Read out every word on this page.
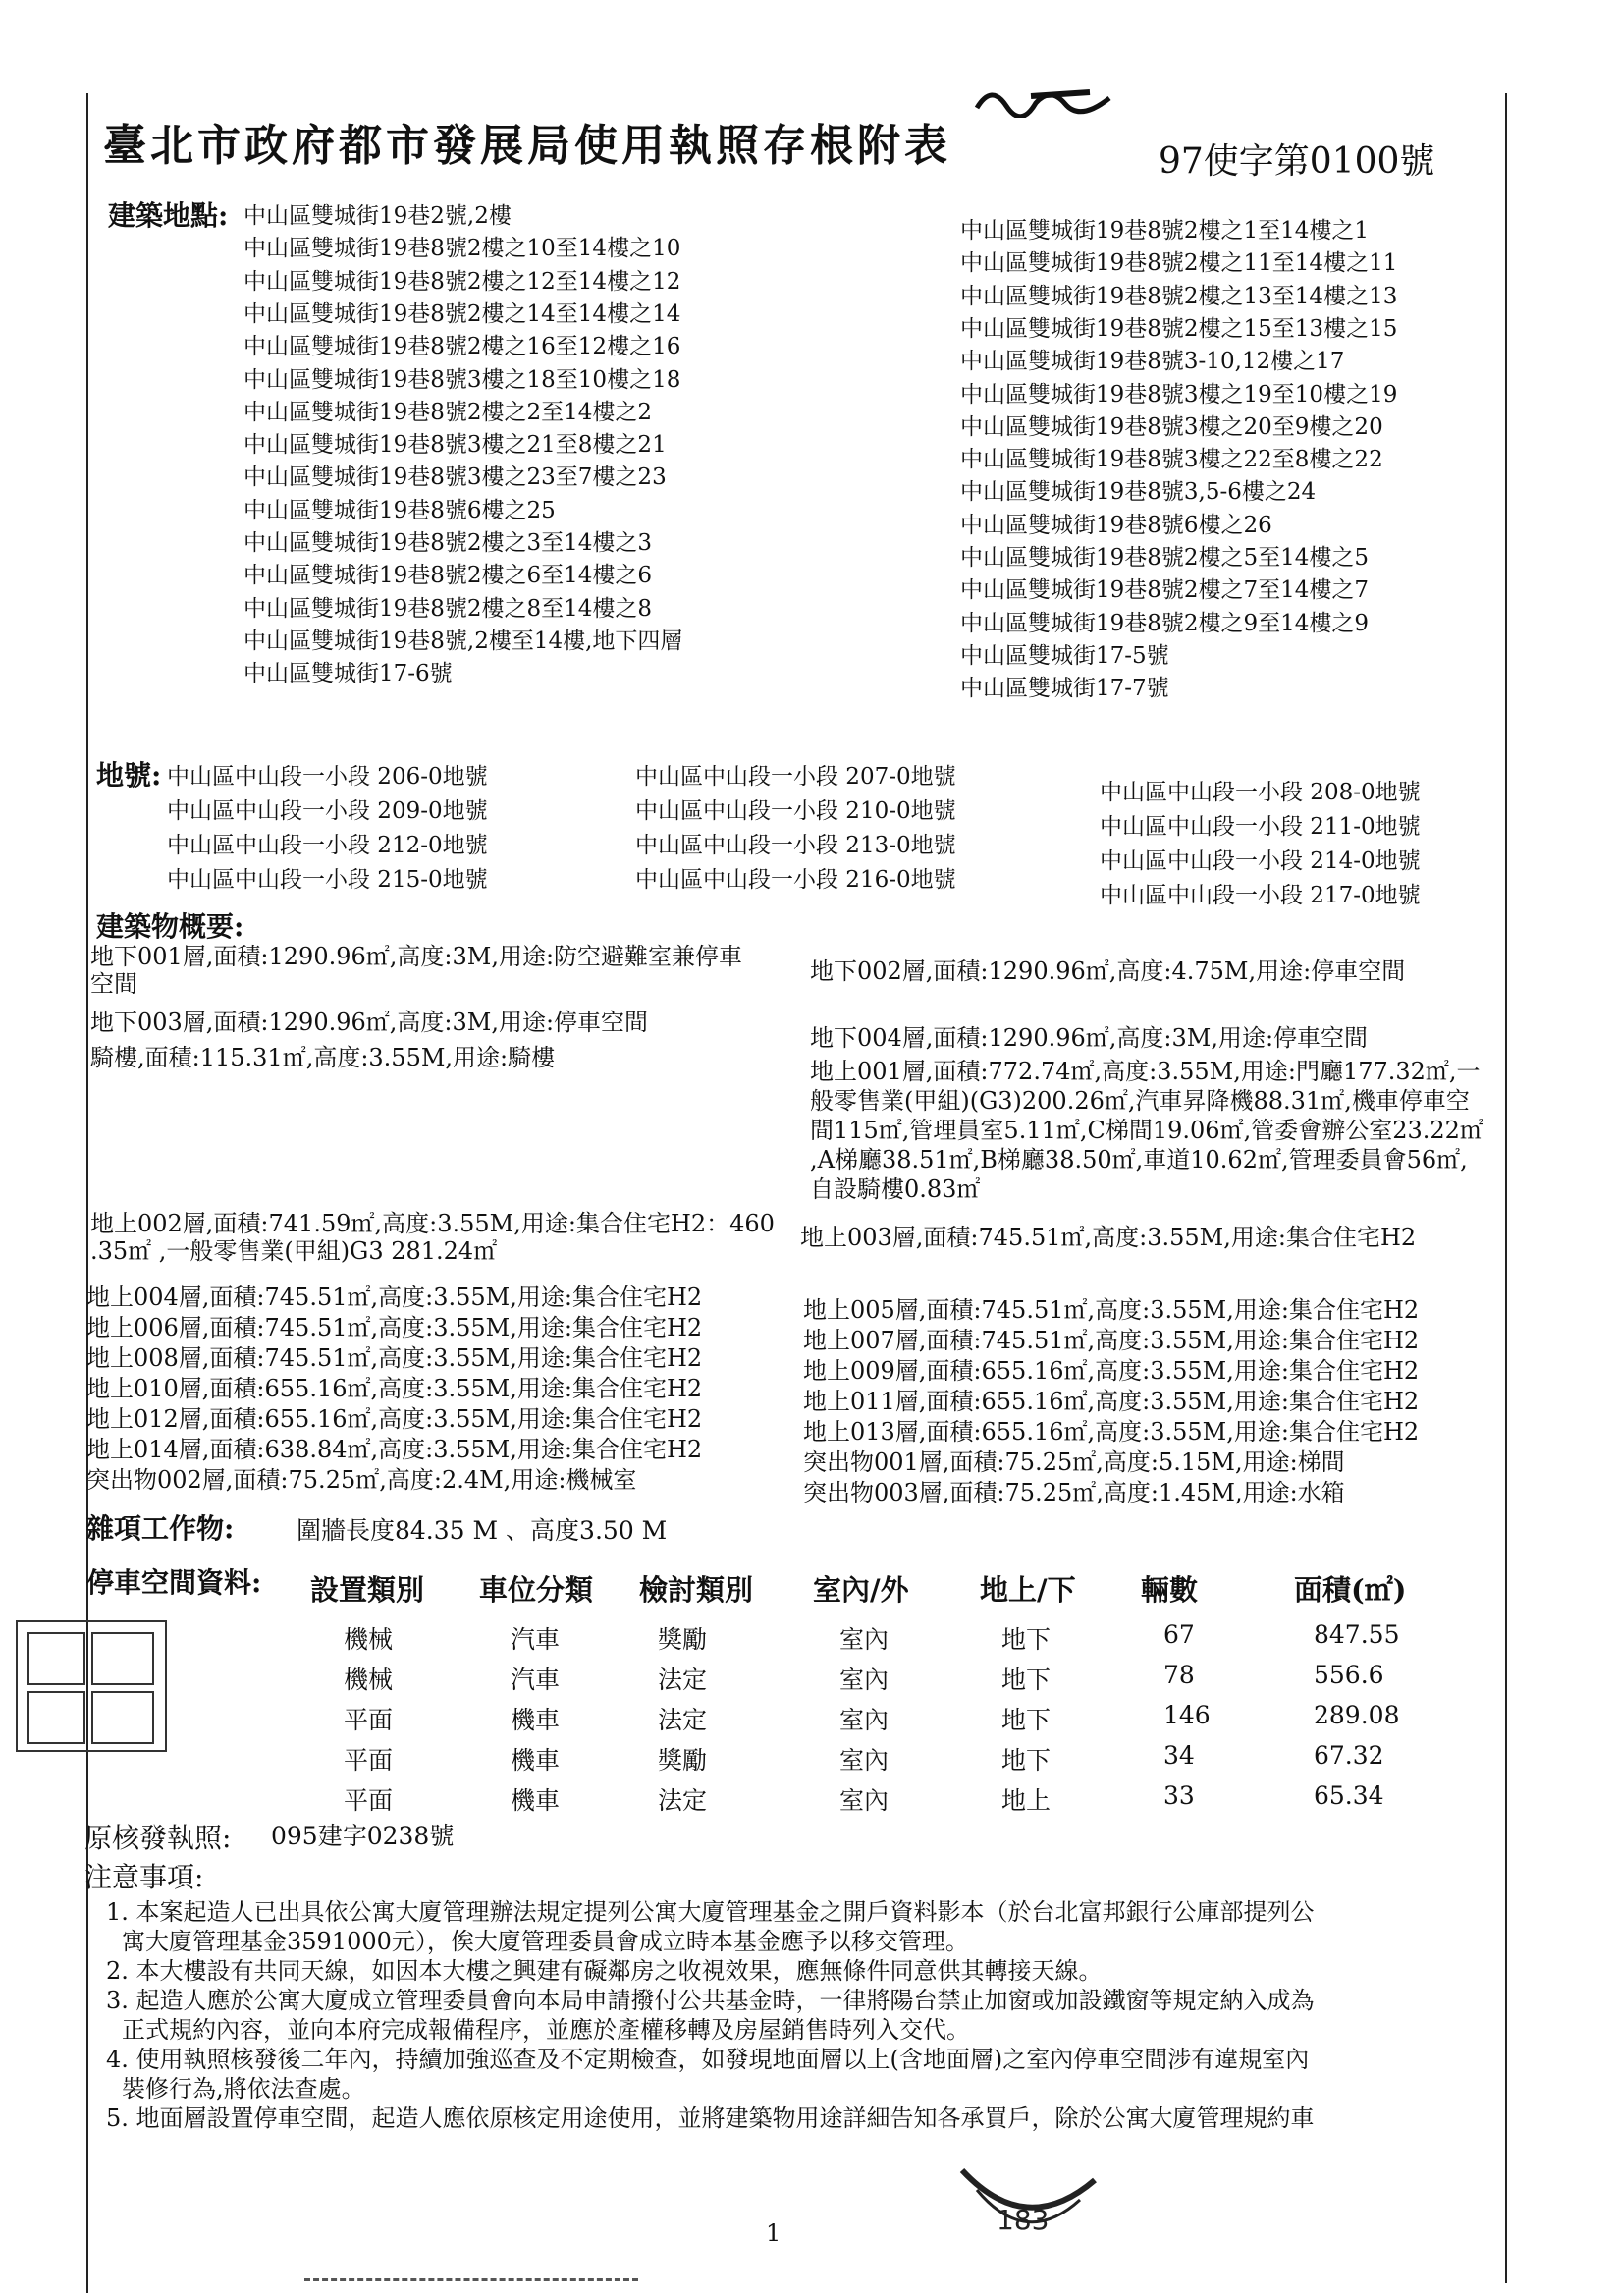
臺北市政府都市發展局使用執照存根附表	97使字第0100號
建築地點: 中山區雙城街19巷2號,2樓
中山區雙城街19巷8號2樓之10至14樓之10
中山區雙城街19巷8號2樓之12至14樓之12
中山區雙城街19巷8號2樓之14至14樓之14
中山區雙城街19巷8號2樓之16至12樓之16
中山區雙城街19巷8號3樓之18至10樓之18
中山區雙城街19巷8號2樓之2至14樓之2
中山區雙城街19巷8號3樓之21至8樓之21
中山區雙城街19巷8號3樓之23至7樓之23
中山區雙城街19巷8號6樓之25
中山區雙城街19巷8號2樓之3至14樓之3
中山區雙城街19巷8號2樓之6至14樓之6
中山區雙城街19巷8號2樓之8至14樓之8
中山區雙城街19巷8號,2樓至14樓,地下四層
中山區雙城街17-6號
中山區雙城街19巷8號2樓之1至14樓之1
中山區雙城街19巷8號2樓之11至14樓之11
中山區雙城街19巷8號2樓之13至14樓之13
中山區雙城街19巷8號2樓之15至13樓之15
中山區雙城街19巷8號3-10,12樓之17
中山區雙城街19巷8號3樓之19至10樓之19
中山區雙城街19巷8號3樓之20至9樓之20
中山區雙城街19巷8號3樓之22至8樓之22
中山區雙城街19巷8號3,5-6樓之24
中山區雙城街19巷8號6樓之26
中山區雙城街19巷8號2樓之5至14樓之5
中山區雙城街19巷8號2樓之7至14樓之7
中山區雙城街19巷8號2樓之9至14樓之9
中山區雙城街17-5號
中山區雙城街17-7號
地號: 中山區中山段一小段 206-0地號
中山區中山段一小段 209-0地號
中山區中山段一小段 212-0地號
中山區中山段一小段 215-0地號
中山區中山段一小段 207-0地號
中山區中山段一小段 210-0地號
中山區中山段一小段 213-0地號
中山區中山段一小段 216-0地號
中山區中山段一小段 208-0地號
中山區中山段一小段 211-0地號
中山區中山段一小段 214-0地號
中山區中山段一小段 217-0地號
建築物概要:
地下001層,面積:1290.96㎡,高度:3M,用途:防空避難室兼停車
空間	地下002層,面積:1290.96㎡,高度:4.75M,用途:停車空間
地下003層,面積:1290.96㎡,高度:3M,用途:停車空間
騎樓,面積:115.31㎡,高度:3.55M,用途:騎樓
地下004層,面積:1290.96㎡,高度:3M,用途:停車空間
地上001層,面積:772.74㎡,高度:3.55M,用途:門廳177.32㎡,一
般零售業(甲組)(G3)200.26㎡,汽車昇降機88.31㎡,機車停車空
間115㎡,管理員室5.11㎡,C梯間19.06㎡,管委會辦公室23.22㎡
,A梯廳38.51㎡,B梯廳38.50㎡,車道10.62㎡,管理委員會56㎡,
自設騎樓0.83㎡
地上002層,面積:741.59㎡,高度:3.55M,用途:集合住宅H2：460
.35㎡ ,一般零售業(甲組)G3 281.24㎡	地上003層,面積:745.51㎡,高度:3.55M,用途:集合住宅H2
地上004層,面積:745.51㎡,高度:3.55M,用途:集合住宅H2
地上006層,面積:745.51㎡,高度:3.55M,用途:集合住宅H2
地上008層,面積:745.51㎡,高度:3.55M,用途:集合住宅H2
地上010層,面積:655.16㎡,高度:3.55M,用途:集合住宅H2
地上012層,面積:655.16㎡,高度:3.55M,用途:集合住宅H2
地上014層,面積:638.84㎡,高度:3.55M,用途:集合住宅H2
突出物002層,面積:75.25㎡,高度:2.4M,用途:機械室
地上005層,面積:745.51㎡,高度:3.55M,用途:集合住宅H2
地上007層,面積:745.51㎡,高度:3.55M,用途:集合住宅H2
地上009層,面積:655.16㎡,高度:3.55M,用途:集合住宅H2
地上011層,面積:655.16㎡,高度:3.55M,用途:集合住宅H2
地上013層,面積:655.16㎡,高度:3.55M,用途:集合住宅H2
突出物001層,面積:75.25㎡,高度:5.15M,用途:梯間
突出物003層,面積:75.25㎡,高度:1.45M,用途:水箱
雜項工作物:	圍牆長度84.35 M 、高度3.50 M
停車空間資料: 設置類別 車位分類 檢討類別 室內/外 地上/下 輛數	面積(㎡)
機械	汽車	獎勵	室內	地下	67	847.55
機械	汽車	法定	室內	地下	78	556.6
平面	機車	法定	室內	地下	146	289.08
平面	機車	獎勵	室內	地下	34	67.32
平面	機車	法定	室內	地上	33	65.34
原核發執照: 095建字0238號
注意事項:
1. 本案起造人已出具依公寓大廈管理辦法規定提列公寓大廈管理基金之開戶資料影本（於台北富邦銀行公庫部提列公
寓大廈管理基金3591000元），俟大廈管理委員會成立時本基金應予以移交管理。
2. 本大樓設有共同天線，如因本大樓之興建有礙鄰房之收視效果，應無條件同意供其轉接天線。
3. 起造人應於公寓大廈成立管理委員會向本局申請撥付公共基金時，一律將陽台禁止加窗或加設鐵窗等規定納入成為
正式規約內容，並向本府完成報備程序，並應於產權移轉及房屋銷售時列入交代。
4. 使用執照核發後二年內，持續加強巡查及不定期檢查，如發現地面層以上(含地面層)之室內停車空間涉有違規室內
裝修行為,將依法查處。
5. 地面層設置停車空間，起造人應依原核定用途使用，並將建築物用途詳細告知各承買戶，除於公寓大廈管理規約車
183
1
